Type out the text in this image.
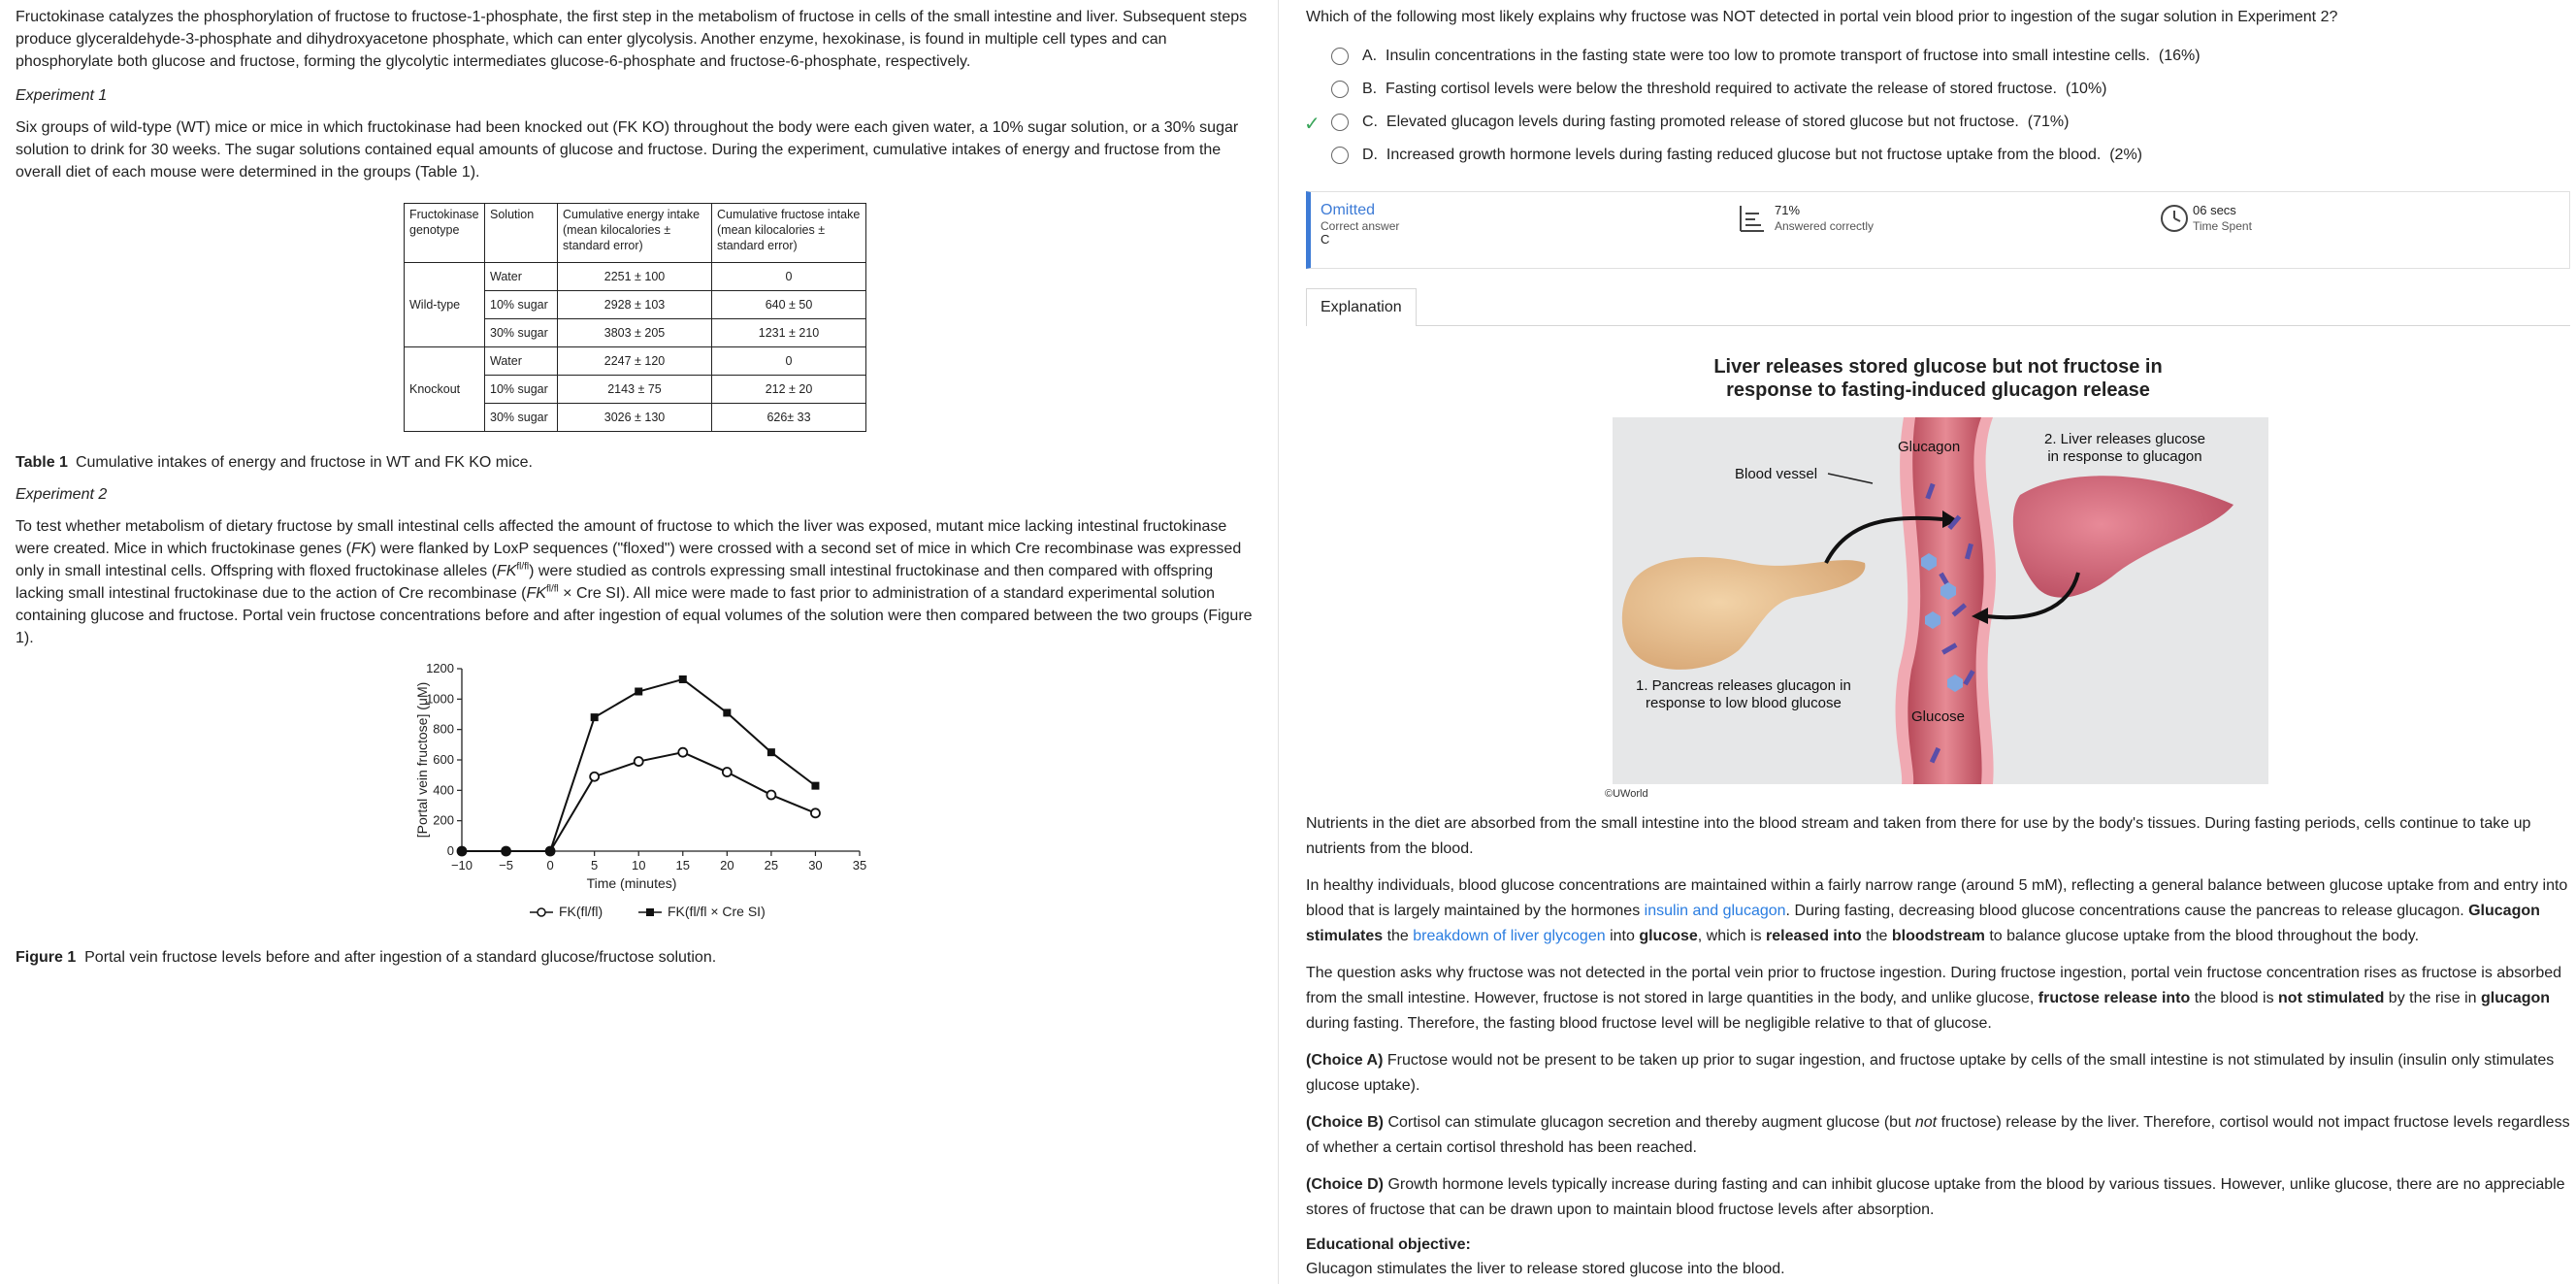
Fructokinase catalyzes the phosphorylation of fructose to fructose-1-phosphate, the first step in the metabolism of fructose in cells of the small intestine and liver. Subsequent steps produce glyceraldehyde-3-phosphate and dihydroxyacetone phosphate, which can enter glycolysis. Another enzyme, hexokinase, is found in multiple cell types and can phosphorylate both glucose and fructose, forming the glycolytic intermediates glucose-6-phosphate and fructose-6-phosphate, respectively.

Experiment 1

Six groups of wild-type (WT) mice or mice in which fructokinase had been knocked out (FK KO) throughout the body were each given water, a 10% sugar solution, or a 30% sugar solution to drink for 30 weeks. The sugar solutions contained equal amounts of glucose and fructose. During the experiment, cumulative intakes of energy and fructose from the overall diet of each mouse were determined in the groups (Table 1).

Fructokinase genotype	Solution	Cumulative energy intake (mean kilocalories ± standard error)	Cumulative fructose intake (mean kilocalories ± standard error)
Wild-type	Water	2251 ± 100	0
	10% sugar	2928 ± 103	640 ± 50
	30% sugar	3803 ± 205	1231 ± 210
Knockout	Water	2247 ± 120	0
	10% sugar	2143 ± 75	212 ± 20
	30% sugar	3026 ± 130	626± 33

Table 1 Cumulative intakes of energy and fructose in WT and FK KO mice.

Experiment 2

To test whether metabolism of dietary fructose by small intestinal cells affected the amount of fructose to which the liver was exposed, mutant mice lacking intestinal fructokinase were created. Mice in which fructokinase genes (FK) were flanked by LoxP sequences ("floxed") were crossed with a second set of mice in which Cre recombinase was expressed only in small intestinal cells. Offspring with floxed fructokinase alleles $(FK^{fl/fl})$ were studied as controls expressing small intestinal fructokinase and then compared with offspring lacking small intestinal fructokinase due to the action of Cre recombinase ($FK^{fl/fl}$ × Cre SI). All mice were made to fast prior to administration of a standard experimental solution containing glucose and fructose. Portal vein fructose concentrations before and after ingestion of equal volumes of the solution were then compared between the two groups (Figure 1).

0
200
400
600
800
1000
1200
−10 −5	0	5	10 15 20 25 30 35
Time (minutes)
[Portal vein fructose] (μM)
FK(fl/fl)	FK(fl/fl × Cre SI)

Figure 1 Portal vein fructose levels before and after ingestion of a standard glucose/fructose solution.

Which of the following most likely explains why fructose was NOT detected in portal vein blood prior to ingestion of the sugar solution in Experiment 2?

A. Insulin concentrations in the fasting state were too low to promote transport of fructose into small intestine cells. (16%)
B. Fasting cortisol levels were below the threshold required to activate the release of stored fructose. (10%)
✓	C. Elevated glucagon levels during fasting promoted release of stored glucose but not fructose. (71%)
D. Increased growth hormone levels during fasting reduced glucose but not fructose uptake from the blood. (2%)
Omitted
Correct answer
C
71%
Answered correctly
06 secs
Time Spent
Explanation
Liver releases stored glucose but not fructose in
response to fasting-induced glucagon release
Glucagon
Blood vessel
2. Liver releases glucose
in response to glucagon
1. Pancreas releases glucagon in
response to low blood glucose
Glucose
©UWorld

Nutrients in the diet are absorbed from the small intestine into the blood stream and taken from there for use by the body's tissues. During fasting periods, cells continue to take up nutrients from the blood.

In healthy individuals, blood glucose concentrations are maintained within a fairly narrow range (around 5 mM), reflecting a general balance between glucose uptake from and entry into blood that is largely maintained by the hormones insulin and glucagon. During fasting, decreasing blood glucose concentrations cause the pancreas to release glucagon. Glucagon stimulates the breakdown of liver glycogen into glucose, which is released into the bloodstream to balance glucose uptake from the blood throughout the body.

The question asks why fructose was not detected in the portal vein prior to fructose ingestion. During fructose ingestion, portal vein fructose concentration rises as fructose is absorbed from the small intestine. However, fructose is not stored in large quantities in the body, and unlike glucose, fructose release into the blood is not stimulated by the rise in glucagon during fasting. Therefore, the fasting blood fructose level will be negligible relative to that of glucose.

(Choice A) Fructose would not be present to be taken up prior to sugar ingestion, and fructose uptake by cells of the small intestine is not stimulated by insulin (insulin only stimulates glucose uptake).

(Choice B) Cortisol can stimulate glucagon secretion and thereby augment glucose (but not fructose) release by the liver. Therefore, cortisol would not impact fructose levels regardless of whether a certain cortisol threshold has been reached.

(Choice D) Growth hormone levels typically increase during fasting and can inhibit glucose uptake from the blood by various tissues. However, unlike glucose, there are no appreciable stores of fructose that can be drawn upon to maintain blood fructose levels after absorption.

Educational objective:

Glucagon stimulates the liver to release stored glucose into the blood.
